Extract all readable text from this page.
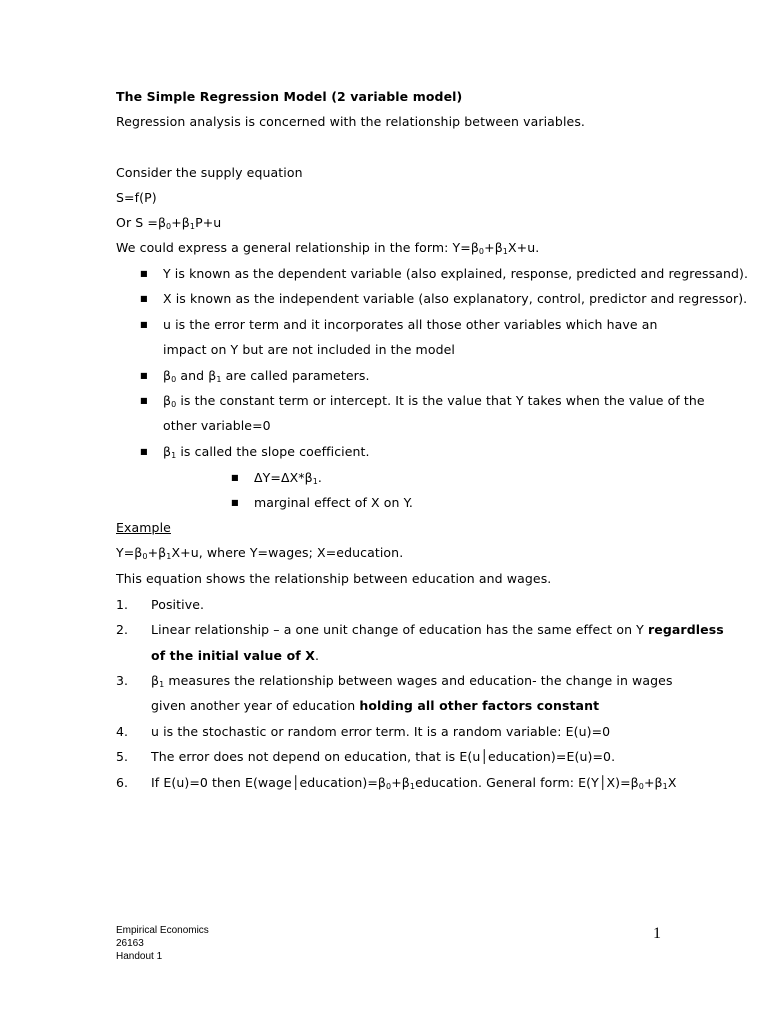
The Simple Regression Model (2 variable model)
Regression analysis is concerned with the relationship between variables.
Consider the supply equation
S=f(P)
Or $S =\beta_0+\beta_1P+u$
We could express a general relationship in the form: $Y=\beta_0+\beta_1X+u$.
■ Y is known as the dependent variable (also explained, response, predicted and regressand).
■ X is known as the independent variable (also explanatory, control, predictor and regressor).
■ u is the error term and it incorporates all those other variables which have an
impact on Y but are not included in the model
■ $\beta_0$ and $\beta_1$ are called parameters.
■ $\beta_0$ is the constant term or intercept. It is the value that Y takes when the value of the
other variable=0
■ $\beta_1$ is called the slope coefficient.
■ $\Delta Y=\Delta X*\beta_1$.
■ marginal effect of X on Y.
Example
$Y=\beta_0+\beta_1X+u$, where Y=wages; X=education.
This equation shows the relationship between education and wages.
1. Positive.
2. Linear relationship – a one unit change of education has the same effect on Y regardless
of the initial value of X.
3. $\beta_1$ measures the relationship between wages and education- the change in wages
given another year of education holding all other factors constant
4. u is the stochastic or random error term. It is a random variable: E(u)=0
5. The error does not depend on education, that is E(u│education)=E(u)=0.
6. If E(u)=0 then $E(wage│education)=\beta_0+\beta_1education$. General form: $E(Y│X)=\beta_0+\beta_1X$
Empirical Economics
26163
Handout 1
1
